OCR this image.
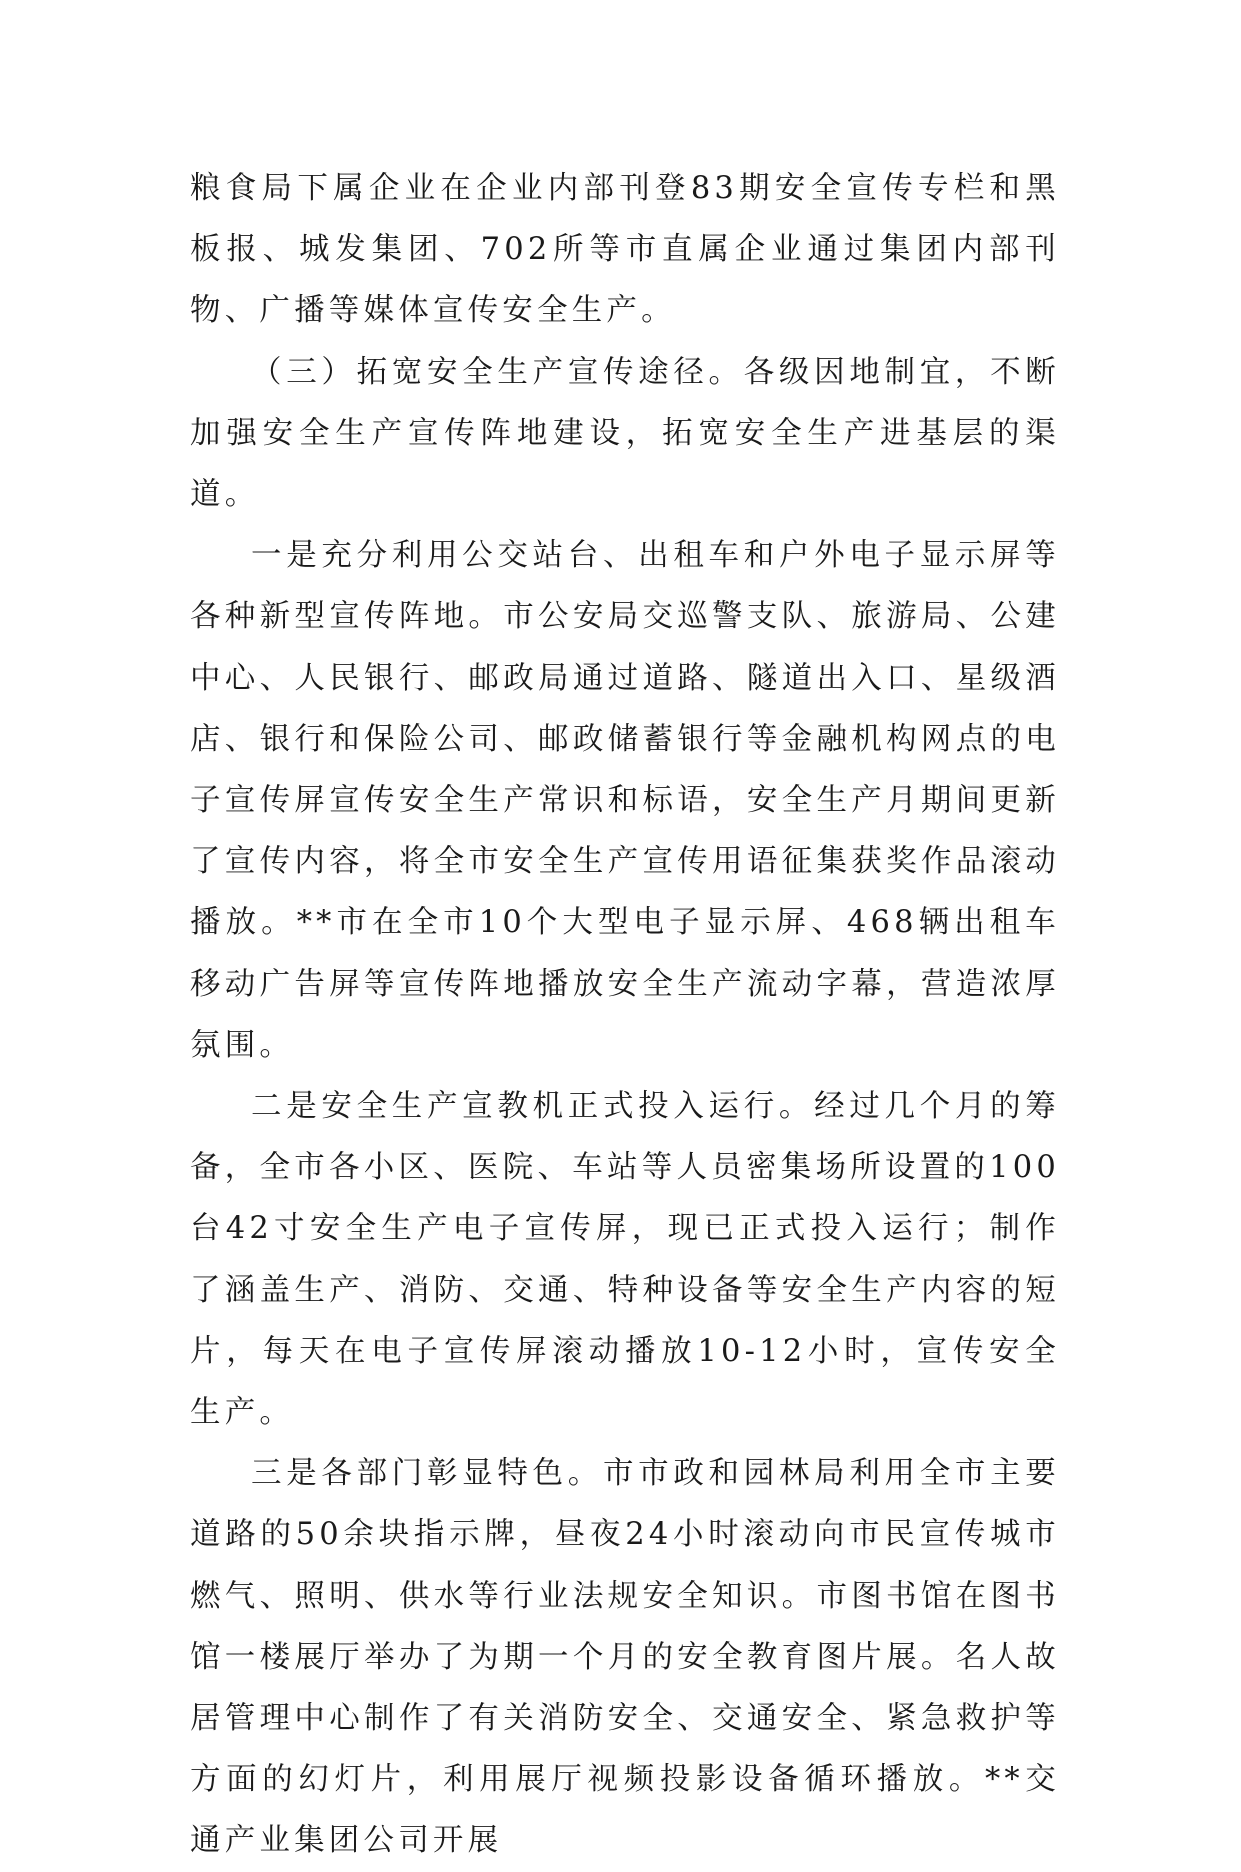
粮食局下属企业在企业内部刊登83期安全宣传专栏和黑板报、城发集团、702所等市直属企业通过集团内部刊物、广播等媒体宣传安全生产。

（三）拓宽安全生产宣传途径。各级因地制宜，不断加强安全生产宣传阵地建设，拓宽安全生产进基层的渠道。

一是充分利用公交站台、出租车和户外电子显示屏等各种新型宣传阵地。市公安局交巡警支队、旅游局、公建中心、人民银行、邮政局通过道路、隧道出入口、星级酒店、银行和保险公司、邮政储蓄银行等金融机构网点的电子宣传屏宣传安全生产常识和标语，安全生产月期间更新了宣传内容，将全市安全生产宣传用语征集获奖作品滚动播放。**市在全市10个大型电子显示屏、468辆出租车移动广告屏等宣传阵地播放安全生产流动字幕，营造浓厚氛围。

二是安全生产宣教机正式投入运行。经过几个月的筹备，全市各小区、医院、车站等人员密集场所设置的100台42寸安全生产电子宣传屏，现已正式投入运行；制作了涵盖生产、消防、交通、特种设备等安全生产内容的短片，每天在电子宣传屏滚动播放10-12小时，宣传安全生产。

三是各部门彰显特色。市市政和园林局利用全市主要道路的50余块指示牌，昼夜24小时滚动向市民宣传城市燃气、照明、供水等行业法规安全知识。市图书馆在图书馆一楼展厅举办了为期一个月的安全教育图片展。名人故居管理中心制作了有关消防安全、交通安全、紧急救护等方面的幻灯片，利用展厅视频投影设备循环播放。**交通产业集团公司开展
